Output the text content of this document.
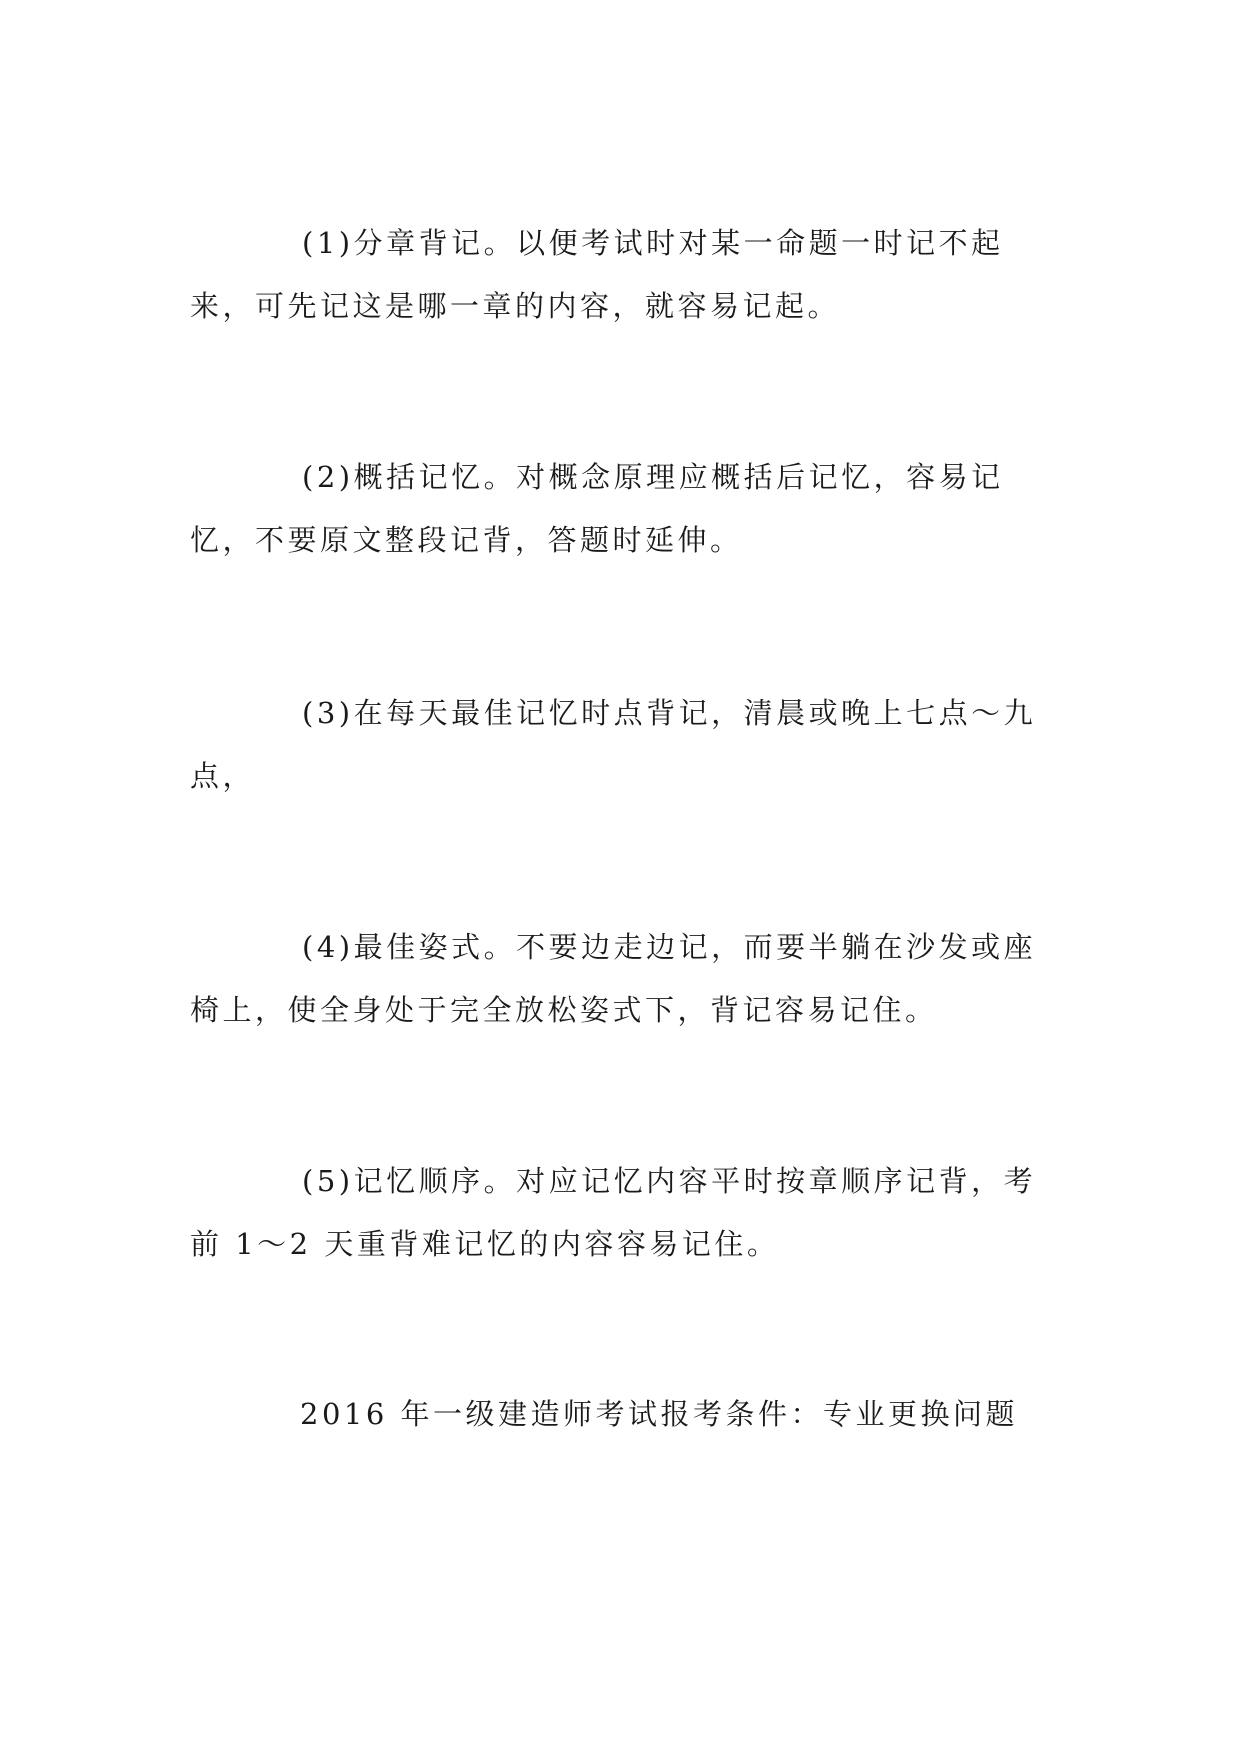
(1)分章背记。以便考试时对某一命题一时记不起来，可先记这是哪一章的内容，就容易记起。

(2)概括记忆。对概念原理应概括后记忆，容易记忆，不要原文整段记背，答题时延伸。

(3)在每天最佳记忆时点背记，清晨或晚上七点～九点，

(4)最佳姿式。不要边走边记，而要半躺在沙发或座椅上，使全身处于完全放松姿式下，背记容易记住。

(5)记忆顺序。对应记忆内容平时按章顺序记背，考前 1～2 天重背难记忆的内容容易记住。

2016 年一级建造师考试报考条件：专业更换问题
